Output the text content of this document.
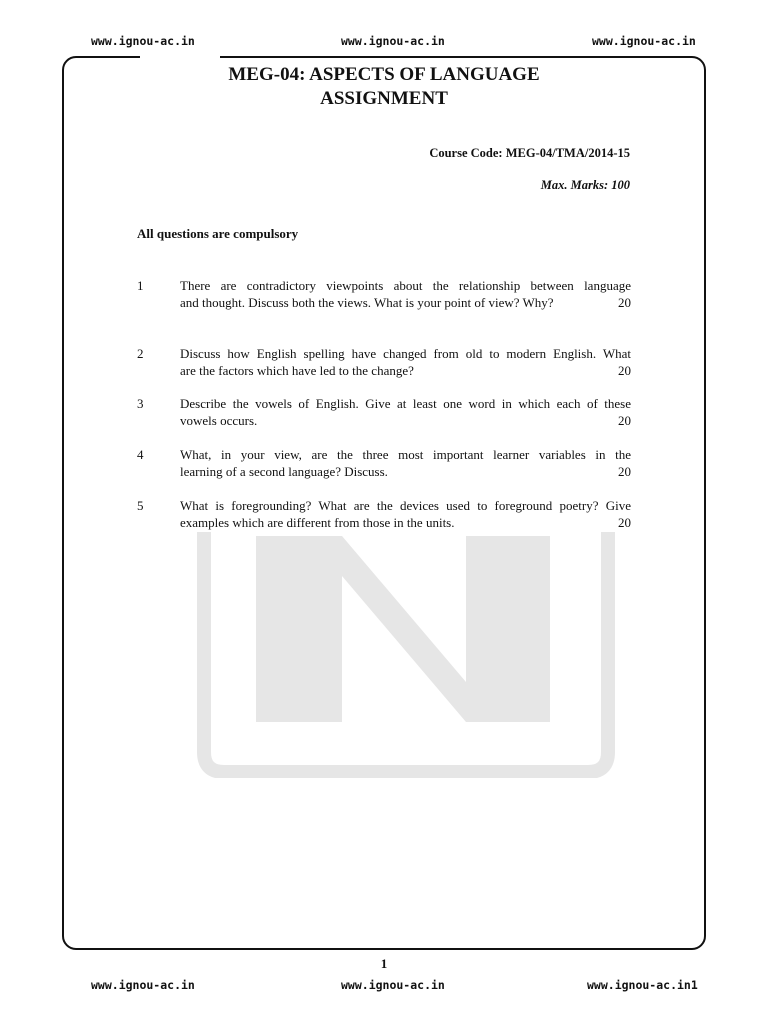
www.ignou-ac.in	www.ignou-ac.in	www.ignou-ac.in
MEG-04: ASPECTS OF LANGUAGE
ASSIGNMENT
Course Code: MEG-04/TMA/2014-15
Max. Marks: 100
All questions are compulsory
1	There are contradictory viewpoints about the relationship between language
and thought. Discuss both the views. What is your point of view? Why?	20
2	Discuss how English spelling have changed from old to modern English. What
are the factors which have led to the change?	20
3	Describe the vowels of English. Give at least one word in which each of these
vowels occurs.	20
4	What, in your view, are the three most important learner variables in the
learning of a second language? Discuss.	20
5	What is foregrounding? What are the devices used to foreground poetry? Give
examples which are different from those in the units.	20
1
www.ignou-ac.in	www.ignou-ac.in	www.ignou-ac.in1
